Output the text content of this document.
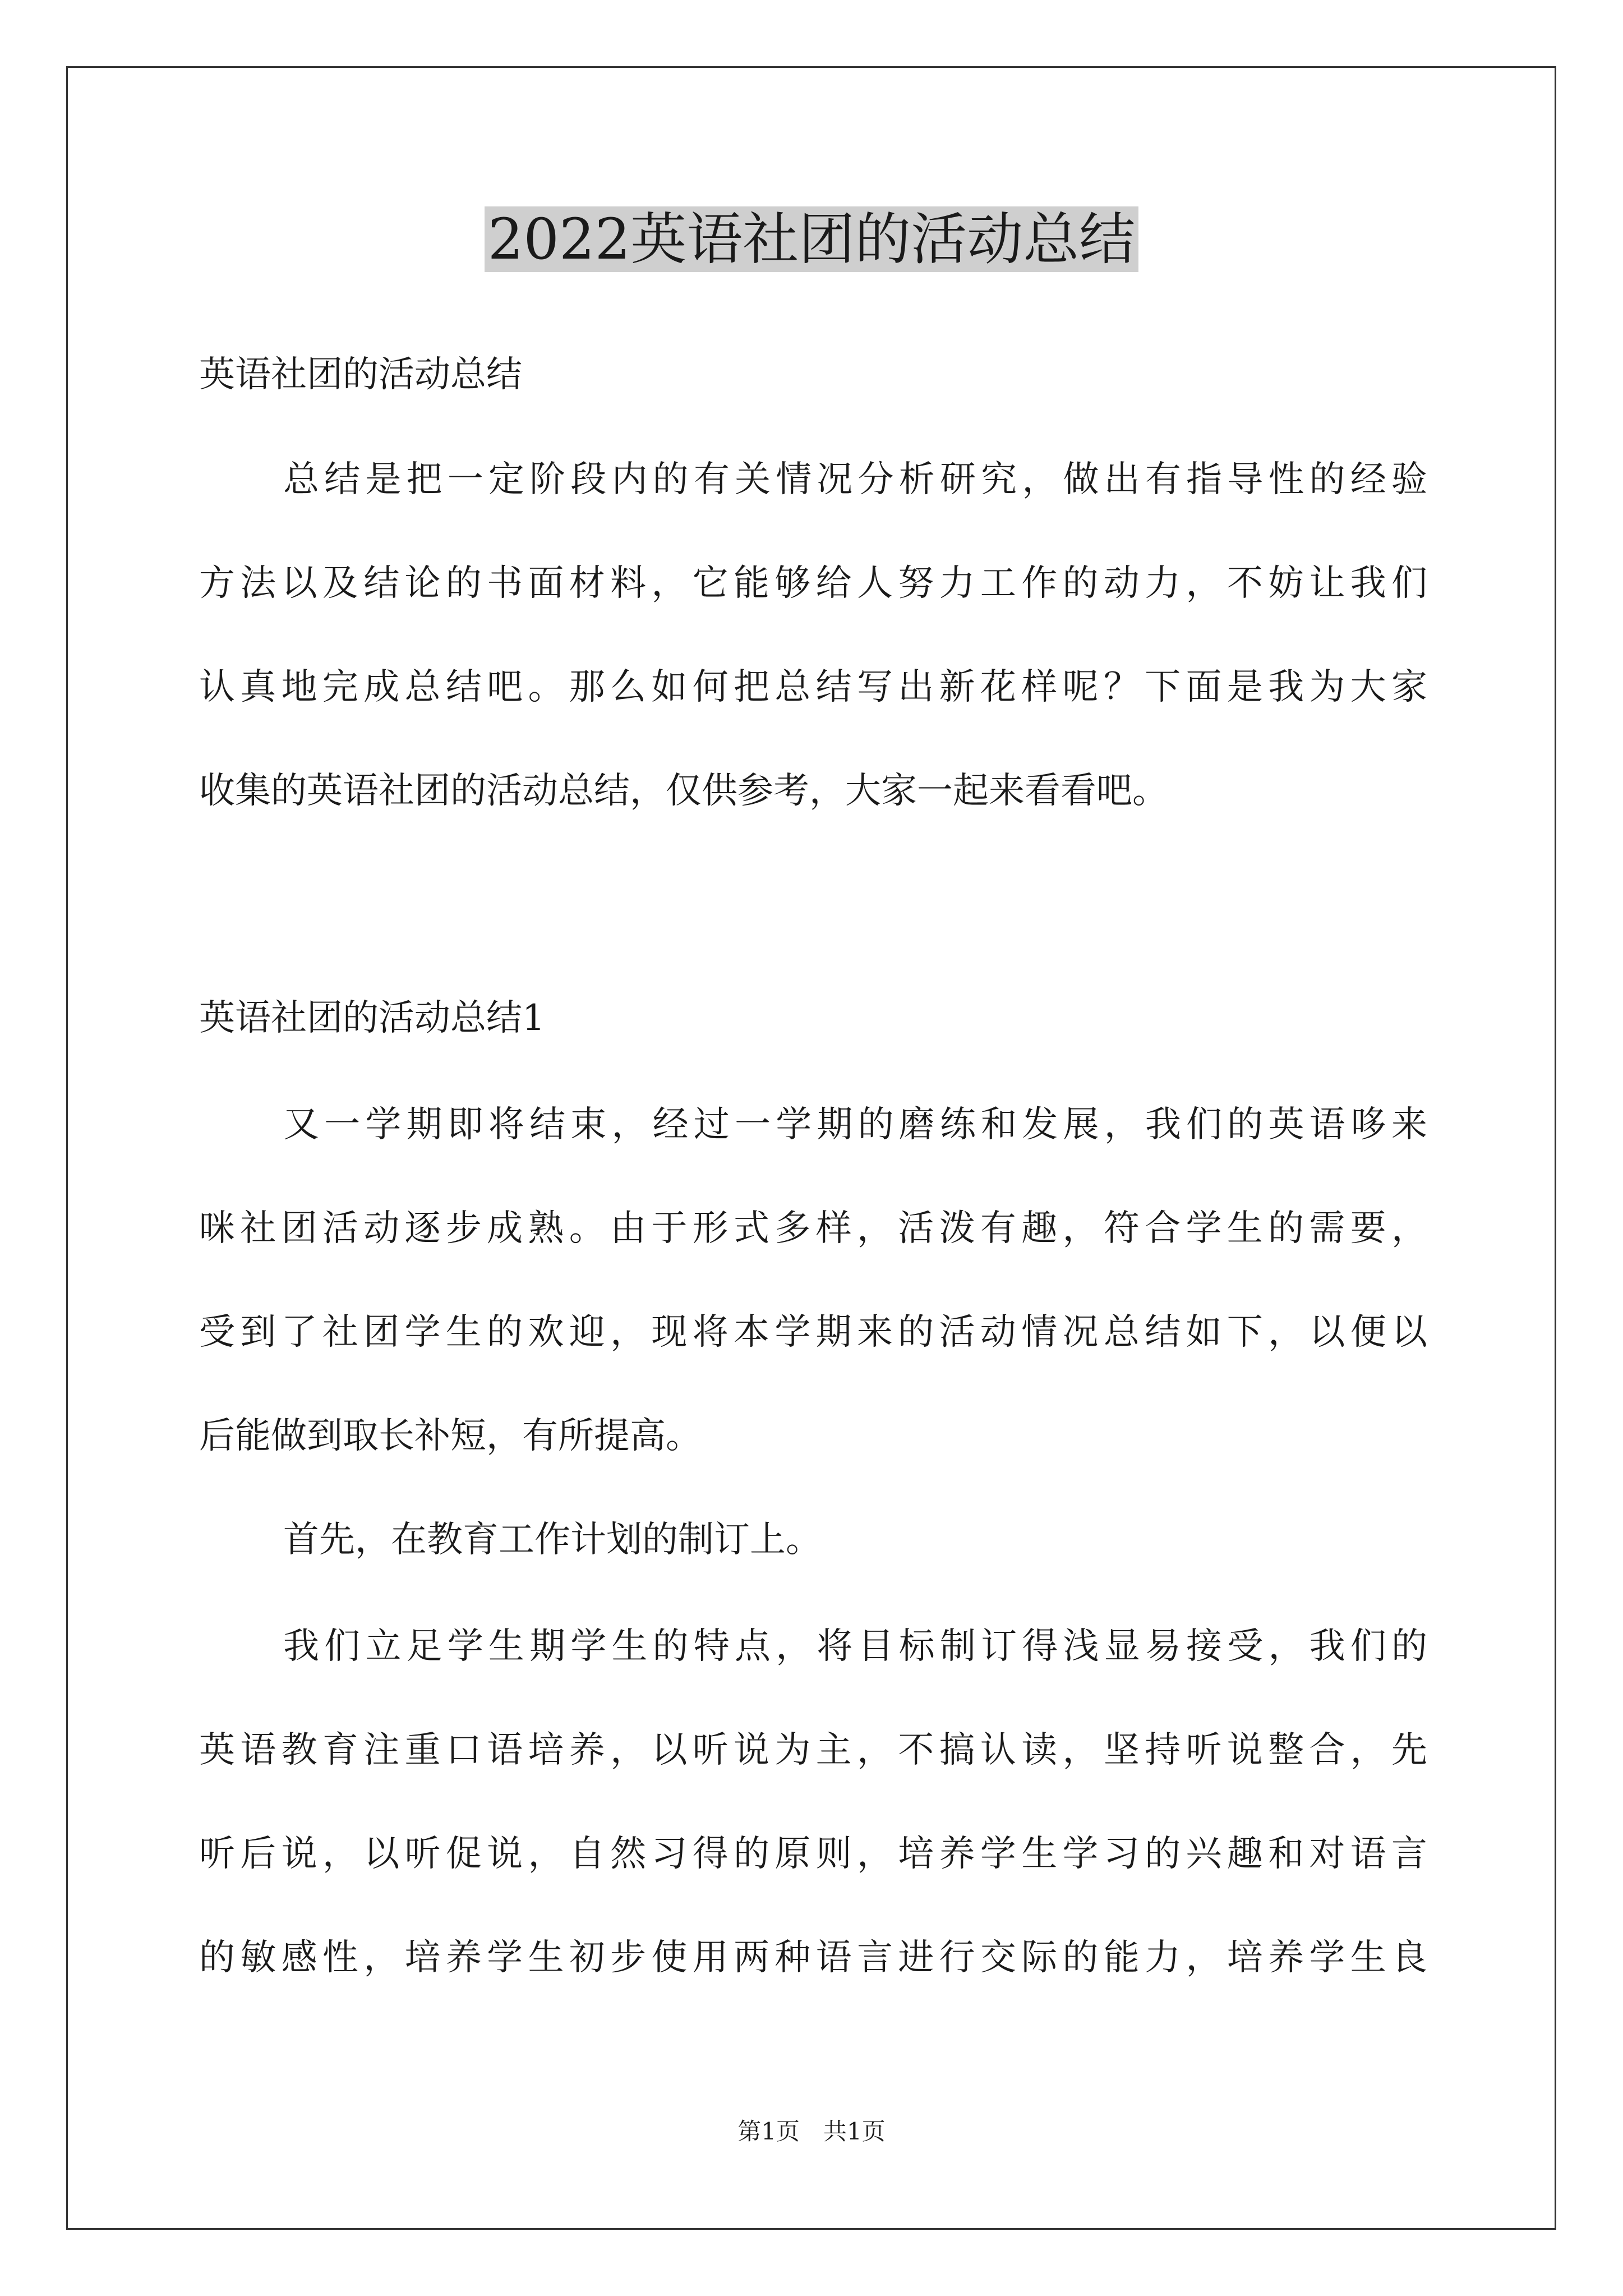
2022英语社团的活动总结
英语社团的活动总结
总结是把一定阶段内的有关情况分析研究，做出有指导性的经验
方法以及结论的书面材料，它能够给人努力工作的动力，不妨让我们
认真地完成总结吧。那么如何把总结写出新花样呢？下面是我为大家
收集的英语社团的活动总结，仅供参考，大家一起来看看吧。
英语社团的活动总结1
又一学期即将结束，经过一学期的磨练和发展，我们的英语哆来
咪社团活动逐步成熟。由于形式多样，活泼有趣，符合学生的需要，
受到了社团学生的欢迎，现将本学期来的活动情况总结如下，以便以
后能做到取长补短，有所提高。
首先，在教育工作计划的制订上。
我们立足学生期学生的特点，将目标制订得浅显易接受，我们的
英语教育注重口语培养，以听说为主，不搞认读，坚持听说整合，先
听后说，以听促说，自然习得的原则，培养学生学习的兴趣和对语言
的敏感性，培养学生初步使用两种语言进行交际的能力，培养学生良
第1页　共1页
